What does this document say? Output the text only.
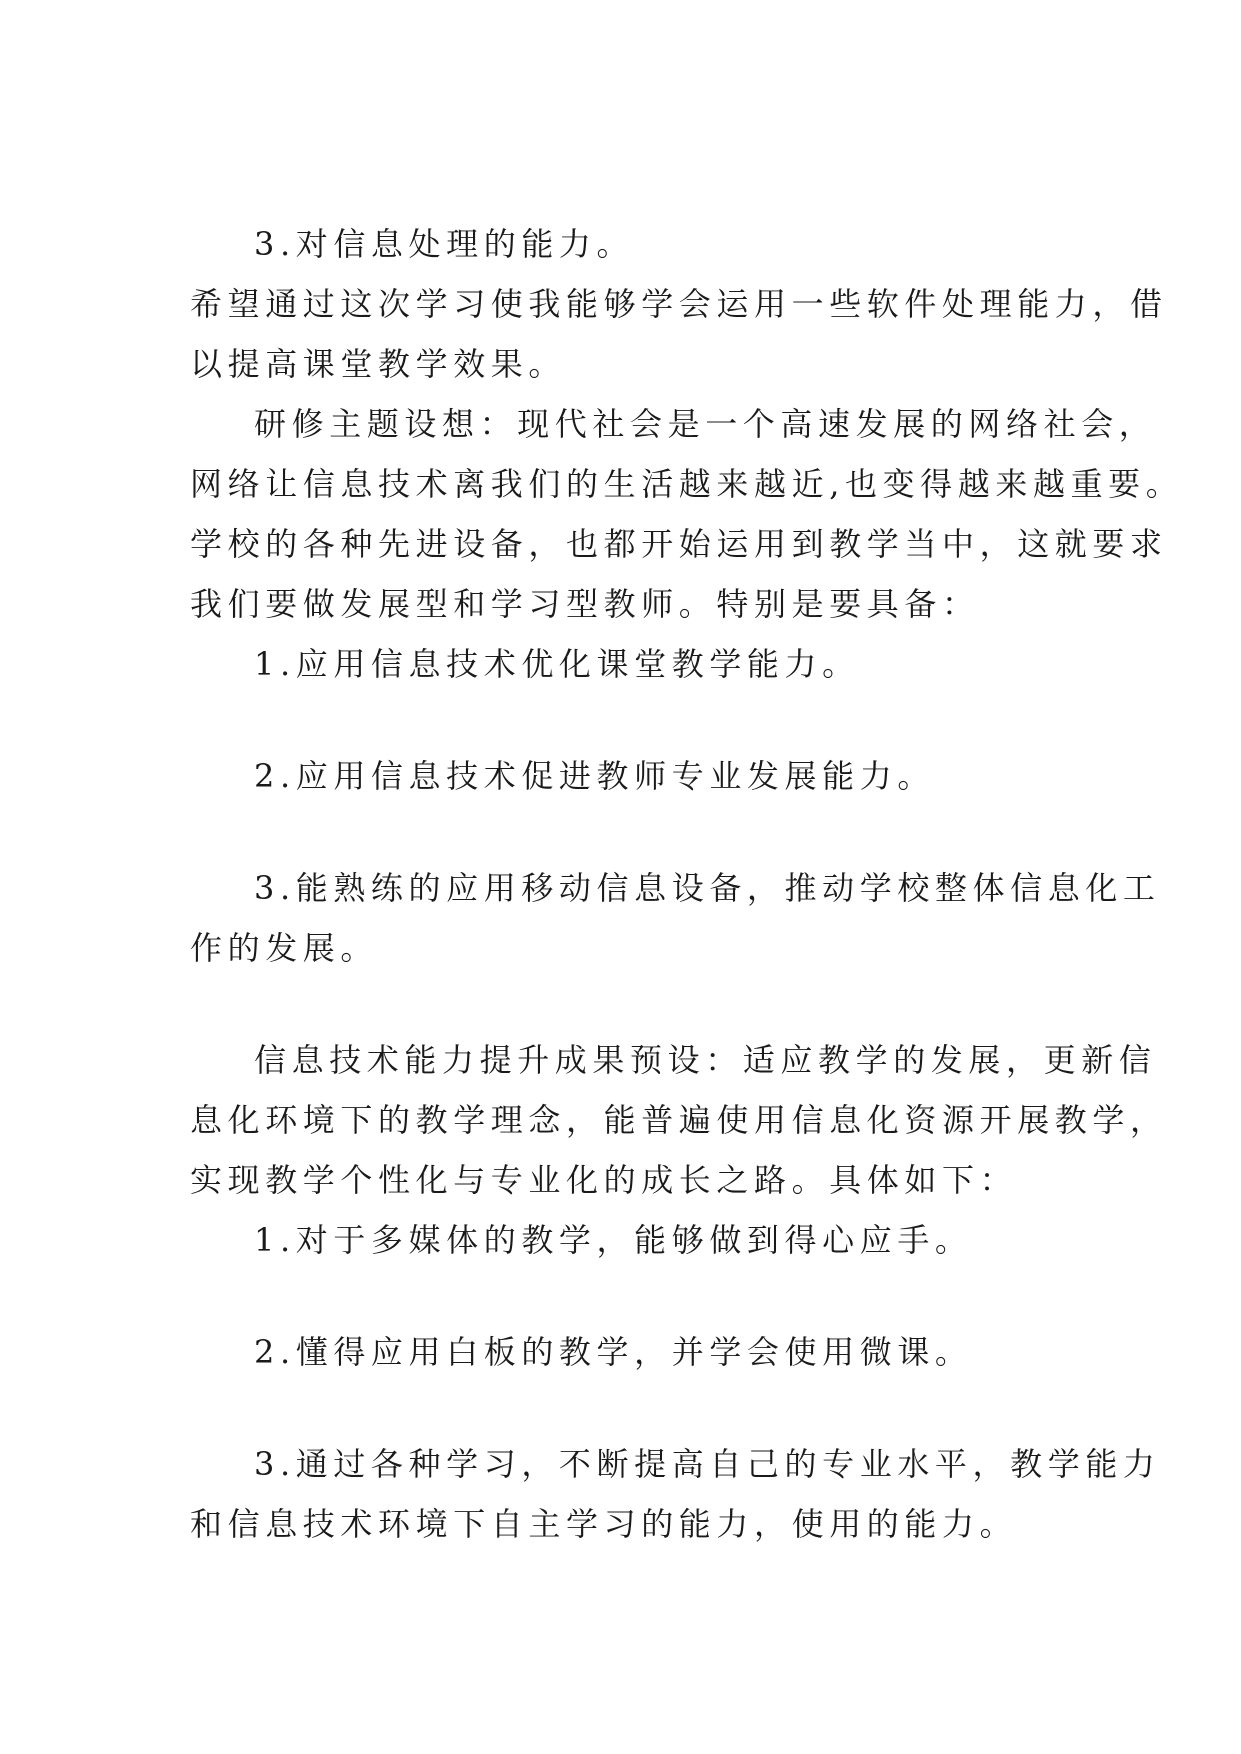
3.对信息处理的能力。
希望通过这次学习使我能够学会运用一些软件处理能力，借
以提高课堂教学效果。
研修主题设想：现代社会是一个高速发展的网络社会，
网络让信息技术离我们的生活越来越近,也变得越来越重要。
学校的各种先进设备，也都开始运用到教学当中，这就要求
我们要做发展型和学习型教师。特别是要具备：
1.应用信息技术优化课堂教学能力。
2.应用信息技术促进教师专业发展能力。
3.能熟练的应用移动信息设备，推动学校整体信息化工
作的发展。
信息技术能力提升成果预设：适应教学的发展，更新信
息化环境下的教学理念，能普遍使用信息化资源开展教学，
实现教学个性化与专业化的成长之路。具体如下：
1.对于多媒体的教学，能够做到得心应手。
2.懂得应用白板的教学，并学会使用微课。
3.通过各种学习，不断提高自己的专业水平，教学能力
和信息技术环境下自主学习的能力，使用的能力。
